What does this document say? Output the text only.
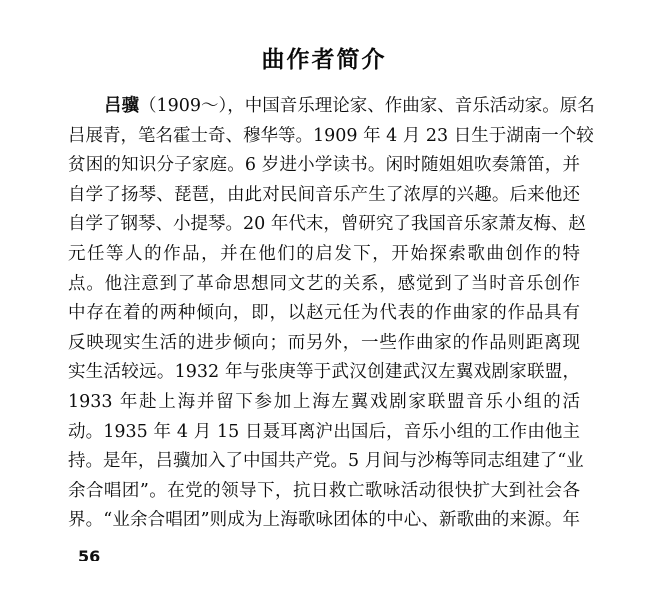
曲作者简介
吕骥（1909～），中国音乐理论家、作曲家、音乐活动家。原名
吕展青，笔名霍士奇、穆华等。1909 年 4 月 23 日生于湖南一个较
贫困的知识分子家庭。6 岁进小学读书。闲时随姐姐吹奏箫笛，并
自学了扬琴、琵琶，由此对民间音乐产生了浓厚的兴趣。后来他还
自学了钢琴、小提琴。20 年代末，曾研究了我国音乐家萧友梅、赵
元任等人的作品，并在他们的启发下，开始探索歌曲创作的特
点。他注意到了革命思想同文艺的关系，感觉到了当时音乐创作
中存在着的两种倾向，即，以赵元任为代表的作曲家的作品具有
反映现实生活的进步倾向；而另外，一些作曲家的作品则距离现
实生活较远。1932 年与张庚等于武汉创建武汉左翼戏剧家联盟，
1933 年赴上海并留下参加上海左翼戏剧家联盟音乐小组的活
动。1935 年 4 月 15 日聂耳离沪出国后，音乐小组的工作由他主
持。是年，吕骥加入了中国共产党。5 月间与沙梅等同志组建了“业
余合唱团”。在党的领导下，抗日救亡歌咏活动很快扩大到社会各
界。“业余合唱团”则成为上海歌咏团体的中心、新歌曲的来源。年
56
